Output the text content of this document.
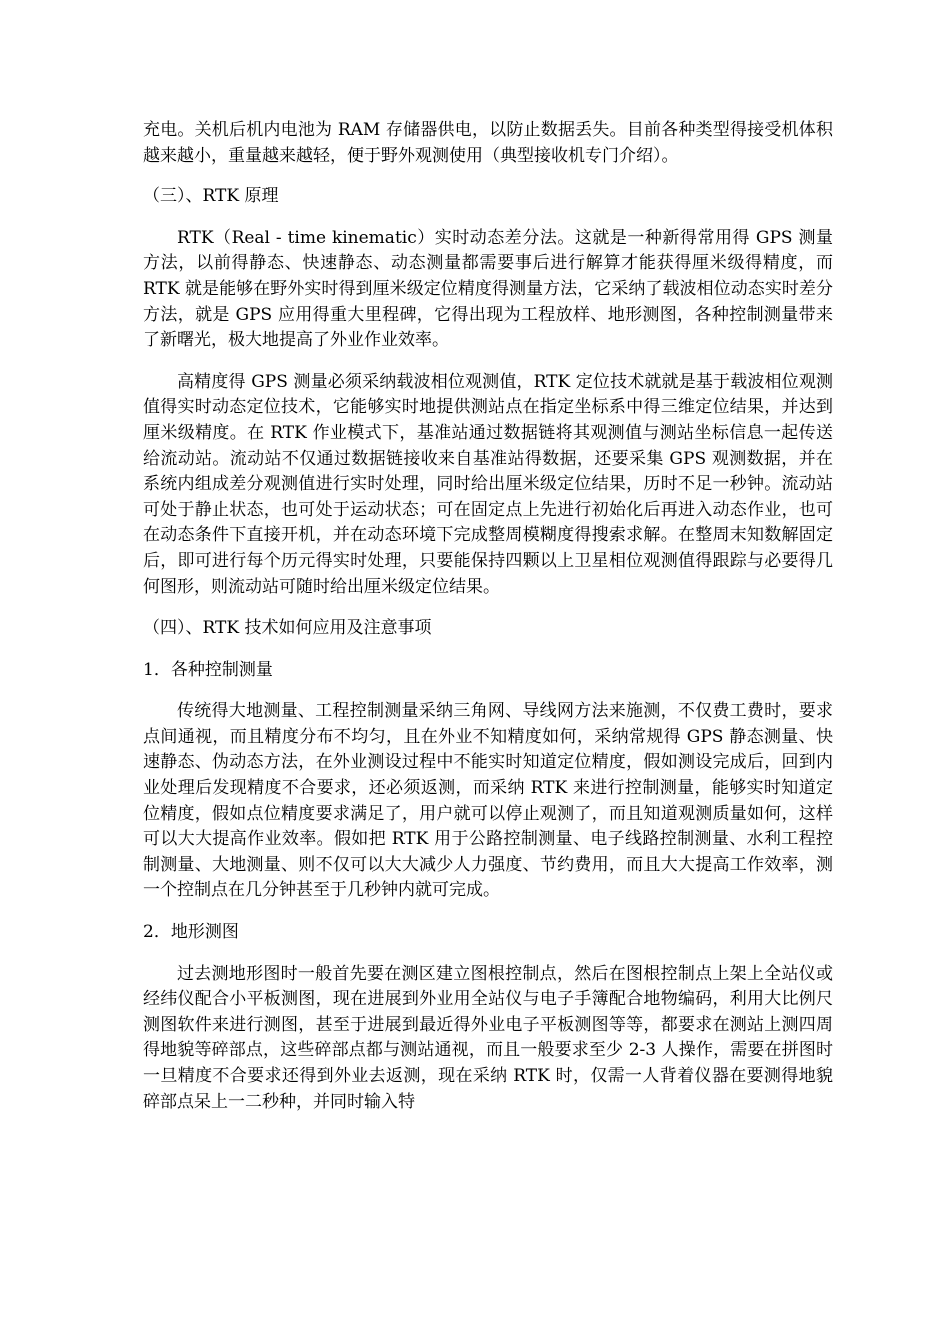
充电。关机后机内电池为 RAM 存储器供电，以防止数据丢失。目前各种类型得接受机体积越来越小，重量越来越轻，便于野外观测使用（典型接收机专门介绍）。

（三）、RTK 原理

RTK（Real - time kinematic）实时动态差分法。这就是一种新得常用得 GPS 测量方法，以前得静态、快速静态、动态测量都需要事后进行解算才能获得厘米级得精度，而 RTK 就是能够在野外实时得到厘米级定位精度得测量方法，它采纳了载波相位动态实时差分方法，就是 GPS 应用得重大里程碑，它得出现为工程放样、地形测图，各种控制测量带来了新曙光，极大地提高了外业作业效率。

高精度得 GPS 测量必须采纳载波相位观测值，RTK 定位技术就就是基于载波相位观测值得实时动态定位技术，它能够实时地提供测站点在指定坐标系中得三维定位结果，并达到厘米级精度。在 RTK 作业模式下，基准站通过数据链将其观测值与测站坐标信息一起传送给流动站。流动站不仅通过数据链接收来自基准站得数据，还要采集 GPS 观测数据，并在系统内组成差分观测值进行实时处理，同时给出厘米级定位结果，历时不足一秒钟。流动站可处于静止状态，也可处于运动状态；可在固定点上先进行初始化后再进入动态作业，也可在动态条件下直接开机，并在动态环境下完成整周模糊度得搜索求解。在整周末知数解固定后，即可进行每个历元得实时处理，只要能保持四颗以上卫星相位观测值得跟踪与必要得几何图形，则流动站可随时给出厘米级定位结果。

（四）、RTK 技术如何应用及注意事项

1．各种控制测量

传统得大地测量、工程控制测量采纳三角网、导线网方法来施测，不仅费工费时，要求点间通视，而且精度分布不均匀，且在外业不知精度如何，采纳常规得 GPS 静态测量、快速静态、伪动态方法，在外业测设过程中不能实时知道定位精度，假如测设完成后，回到内业处理后发现精度不合要求，还必须返测，而采纳 RTK 来进行控制测量，能够实时知道定位精度，假如点位精度要求满足了，用户就可以停止观测了，而且知道观测质量如何，这样可以大大提高作业效率。假如把 RTK 用于公路控制测量、电子线路控制测量、水利工程控制测量、大地测量、则不仅可以大大减少人力强度、节约费用，而且大大提高工作效率，测一个控制点在几分钟甚至于几秒钟内就可完成。

2．地形测图

过去测地形图时一般首先要在测区建立图根控制点，然后在图根控制点上架上全站仪或经纬仪配合小平板测图，现在进展到外业用全站仪与电子手簿配合地物编码，利用大比例尺测图软件来进行测图，甚至于进展到最近得外业电子平板测图等等，都要求在测站上测四周得地貌等碎部点，这些碎部点都与测站通视，而且一般要求至少 2-3 人操作，需要在拼图时一旦精度不合要求还得到外业去返测，现在采纳 RTK 时，仅需一人背着仪器在要测得地貌碎部点呆上一二秒种，并同时输入特
